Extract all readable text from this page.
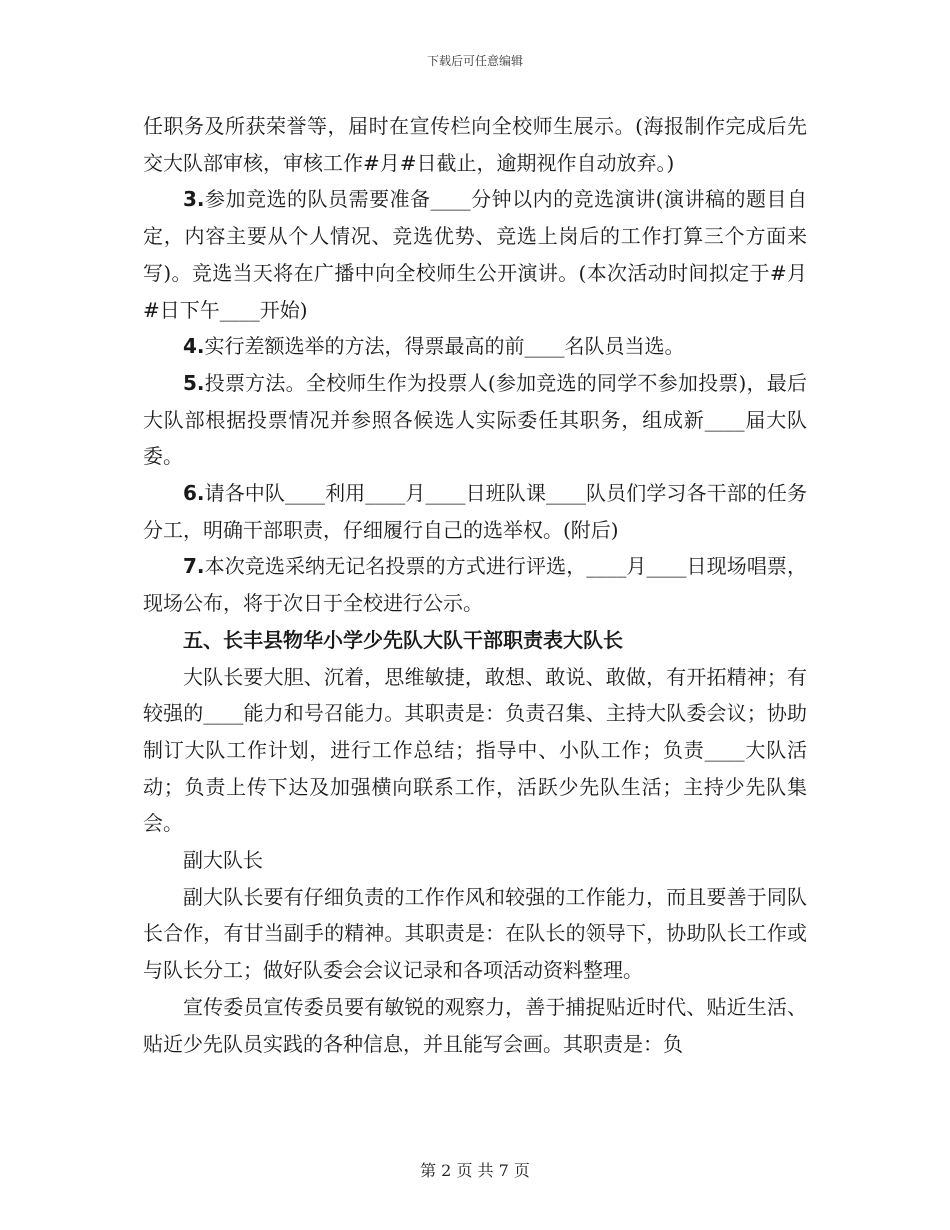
下载后可任意编辑

任职务及所获荣誉等，届时在宣传栏向全校师生展示。(海报制作完成后先交大队部审核，审核工作#月#日截止，逾期视作自动放弃。)

3.参加竞选的队员需要准备____分钟以内的竞选演讲(演讲稿的题目自定，内容主要从个人情况、竞选优势、竞选上岗后的工作打算三个方面来写)。竞选当天将在广播中向全校师生公开演讲。(本次活动时间拟定于#月#日下午____开始)

4.实行差额选举的方法，得票最高的前____名队员当选。

5.投票方法。全校师生作为投票人(参加竞选的同学不参加投票)，最后大队部根据投票情况并参照各候选人实际委任其职务，组成新____届大队委。

6.请各中队____利用____月____日班队课____队员们学习各干部的任务分工，明确干部职责，仔细履行自己的选举权。(附后)

7.本次竞选采纳无记名投票的方式进行评选，____月____日现场唱票，现场公布，将于次日于全校进行公示。

五、长丰县物华小学少先队大队干部职责表大队长

大队长要大胆、沉着，思维敏捷，敢想、敢说、敢做，有开拓精神；有较强的____能力和号召能力。其职责是：负责召集、主持大队委会议；协助制订大队工作计划，进行工作总结；指导中、小队工作；负责____大队活动；负责上传下达及加强横向联系工作，活跃少先队生活；主持少先队集会。

副大队长

副大队长要有仔细负责的工作作风和较强的工作能力，而且要善于同队长合作，有甘当副手的精神。其职责是：在队长的领导下，协助队长工作或与队长分工；做好队委会会议记录和各项活动资料整理。

宣传委员宣传委员要有敏锐的观察力，善于捕捉贴近时代、贴近生活、贴近少先队员实践的各种信息，并且能写会画。其职责是：负

第 2 页 共 7 页
